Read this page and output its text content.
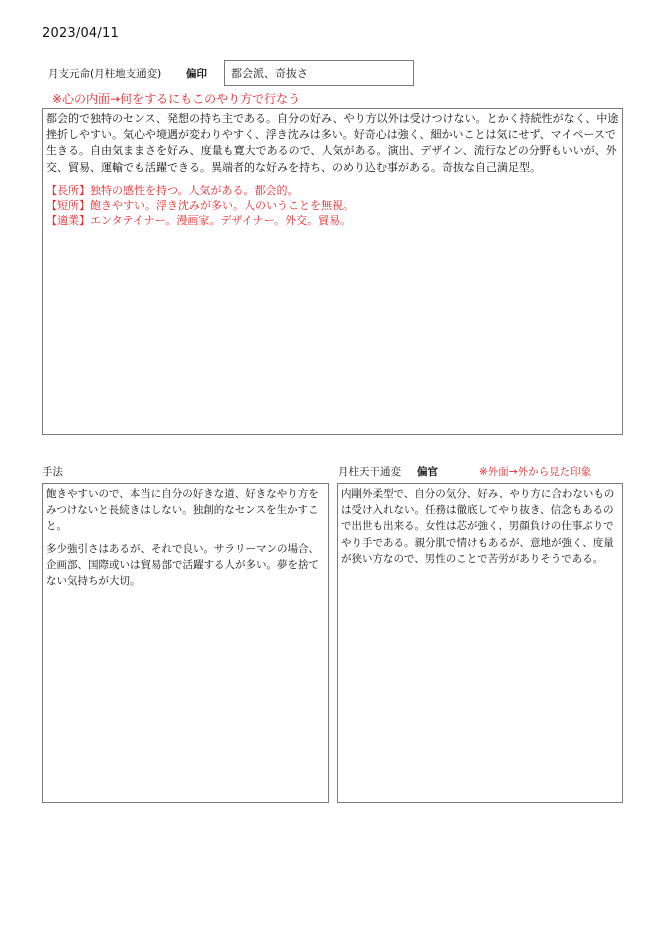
2023/04/11
月支元命(月柱地支通変) 偏印	都会派、奇抜さ
※心の内面→何をするにもこのやり方で行なう

都会的で独特のセンス、発想の持ち主である。自分の好み、やり方以外は受けつけない。とかく持続性がなく、中途挫折しやすい。気心や境遇が変わりやすく、浮き沈みは多い。好奇心は強く、細かいことは気にせず、マイペースで生きる。自由気ままさを好み、度量も寛大であるので、人気がある。演出、デザイン、流行などの分野もいいが、外交、貿易、運輸でも活躍できる。異端者的な好みを持ち、のめり込む事がある。奇抜な自己満足型。

【長所】独特の感性を持つ。人気がある。都会的。
【短所】飽きやすい。浮き沈みが多い。人のいうことを無視。
【適業】エンタテイナー。漫画家。デザイナー。外交。貿易。
手法	月柱天干通変 偏官	※外面→外から見た印象

飽きやすいので、本当に自分の好きな道、好きなやり方をみつけないと長続きはしない。独創的なセンスを生かすこと。

多少強引さはあるが、それで良い。サラリーマンの場合、企画部、国際或いは貿易部で活躍する人が多い。夢を捨てない気持ちが大切。

内剛外柔型で、自分の気分、好み、やり方に合わないものは受け入れない。任務は徹底してやり抜き、信念もあるので出世も出来る。女性は芯が強く、男顔負けの仕事ぶりでやり手である。親分肌で情けもあるが、意地が強く、度量が狭い方なので、男性のことで苦労がありそうである。
